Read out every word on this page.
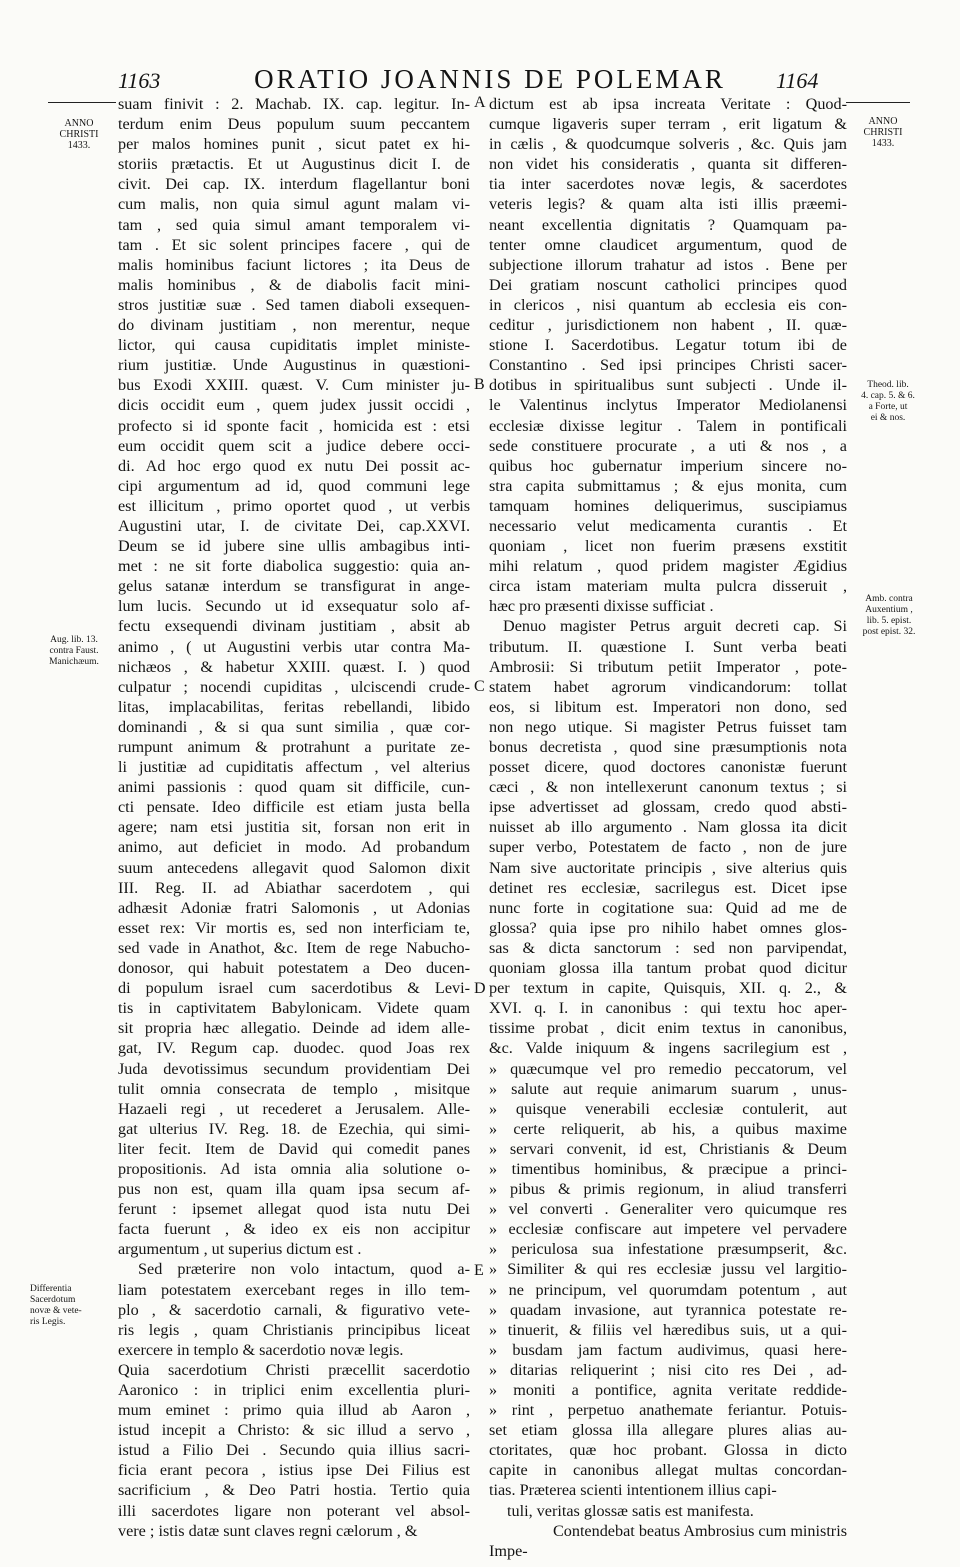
1163	ORATIO JOANNIS DE POLEMAR 1164
ANNO
CHRISTI
1433.
Aug. lib. 13.
contra Faust.
Manichæum.
Differentia
Sacerdotum
novæ & vete-
ris Legis.
ANNO
CHRISTI
1433.
Theod. lib.
4. cap. 5. & 6.
a Forte, ut
ei & nos.
Amb. contra
Auxentium ,
lib. 5. epist.
post epist. 32.
A
B
C
D
E
suam finivit : 2. Machab. IX. cap. legitur. In-
terdum enim Deus populum suum peccantem
per malos homines punit , sicut patet ex hi-
storiis prætactis. Et ut Augustinus dicit I. de
civit. Dei cap. IX. interdum flagellantur boni
cum malis, non quia simul agunt malam vi-
tam , sed quia simul amant temporalem vi-
tam . Et sic solent principes facere , qui de
malis hominibus faciunt lictores ; ita Deus de
malis hominibus , & de diabolis facit mini-
stros justitiæ suæ . Sed tamen diaboli exsequen-
do divinam justitiam , non merentur, neque
lictor, qui causa cupiditatis implet ministe-
rium justitiæ. Unde Augustinus in quæstioni-
bus Exodi XXIII. quæst. V. Cum minister ju-
dicis occidit eum , quem judex jussit occidi ,
profecto si id sponte facit , homicida est : etsi
eum occidit quem scit a judice debere occi-
di. Ad hoc ergo quod ex nutu Dei possit ac-
cipi argumentum ad id, quod communi lege
est illicitum , primo oportet quod , ut verbis
Augustini utar, I. de civitate Dei, cap.XXVI.
Deum se id jubere sine ullis ambagibus inti-
met : ne sit forte diabolica suggestio: quia an-
gelus satanæ interdum se transfigurat in ange-
lum lucis. Secundo ut id exsequatur solo af-
fectu exsequendi divinam justitiam , absit ab
animo , ( ut Augustini verbis utar contra Ma-
nichæos , & habetur XXIII. quæst. I. ) quod
culpatur ; nocendi cupiditas , ulciscendi crude-
litas, implacabilitas, feritas rebellandi, libido
dominandi , & si qua sunt similia , quæ cor-
rumpunt animum & protrahunt a puritate ze-
li justitiæ ad cupiditatis affectum , vel alterius
animi passionis : quod quam sit difficile, cun-
cti pensate. Ideo difficile est etiam justa bella
agere; nam etsi justitia sit, forsan non erit in
animo, aut deficiet in modo. Ad probandum
suum antecedens allegavit quod Salomon dixit
III. Reg. II. ad Abiathar sacerdotem , qui
adhæsit Adoniæ fratri Salomonis , ut Adonias
esset rex: Vir mortis es, sed non interficiam te,
sed vade in Anathot, &c. Item de rege Nabucho-
donosor, qui habuit potestatem a Deo ducen-
di populum israel cum sacerdotibus & Levi-
tis in captivitatem Babylonicam. Videte quam
sit propria hæc allegatio. Deinde ad idem alle-
gat, IV. Regum cap. duodec. quod Joas rex
Juda devotissimus secundum providentiam Dei
tulit omnia consecrata de templo , misitque
Hazaeli regi , ut recederet a Jerusalem. Alle-
gat ulterius IV. Reg. 18. de Ezechia, qui simi-
liter fecit. Item de David qui comedit panes
propositionis. Ad ista omnia alia solutione o-
pus non est, quam illa quam ipsa secum af-
ferunt : ipsemet allegat quod ista nutu Dei
facta fuerunt , & ideo ex eis non accipitur
argumentum , ut superius dictum est .
Sed præterire non volo intactum, quod a-
liam potestatem exercebant reges in illo tem-
plo , & sacerdotio carnali, & figurativo vete-
ris legis , quam Christianis principibus liceat
exercere in templo & sacerdotio novæ legis.
Quia sacerdotium Christi præcellit sacerdotio
Aaronico : in triplici enim excellentia pluri-
mum eminet : primo quia illud ab Aaron ,
istud incepit a Christo: & sic illud a servo ,
istud a Filio Dei . Secundo quia illius sacri-
ficia erant pecora , istius ipse Dei Filius est
sacrificium , & Deo Patri hostia. Tertio quia
illi sacerdotes ligare non poterant vel absol-
vere ; istis datæ sunt claves regni cælorum , &
dictum est ab ipsa increata Veritate : Quod-
cumque ligaveris super terram , erit ligatum &
in cælis , & quodcumque solveris , &c. Quis jam
non videt his consideratis , quanta sit differen-
tia inter sacerdotes novæ legis, & sacerdotes
veteris legis? & quam alta isti illis præemi-
neant excellentia dignitatis ? Quamquam pa-
tenter omne claudicet argumentum, quod de
subjectione illorum trahatur ad istos . Bene per
Dei gratiam noscunt catholici principes quod
in clericos , nisi quantum ab ecclesia eis con-
ceditur , jurisdictionem non habent , II. quæ-
stione I. Sacerdotibus. Legatur totum ibi de
Constantino . Sed ipsi principes Christi sacer-
dotibus in spiritualibus sunt subjecti . Unde il-
le Valentinus inclytus Imperator Mediolanensi
ecclesiæ dixisse legitur . Talem in pontificali
sede constituere procurate , a uti & nos , a
quibus hoc gubernatur imperium sincere no-
stra capita submittamus ; & ejus monita, cum
tamquam homines deliquerimus, suscipiamus
necessario velut medicamenta curantis . Et
quoniam , licet non fuerim præsens exstitit
mihi relatum , quod pridem magister Ægidius
circa istam materiam multa pulcra disseruit ,
hæc pro præsenti dixisse sufficiat .
Denuo magister Petrus arguit decreti cap. Si
tributum. II. quæstione I. Sunt verba beati
Ambrosii: Si tributum petiit Imperator , pote-
statem habet agrorum vindicandorum: tollat
eos, si libitum est. Imperatori non dono, sed
non nego utique. Si magister Petrus fuisset tam
bonus decretista , quod sine præsumptionis nota
posset dicere, quod doctores canonistæ fuerunt
cæci , & non intellexerunt canonum textus ; si
ipse advertisset ad glossam, credo quod absti-
nuisset ab illo argumento . Nam glossa ita dicit
super verbo, Potestatem de facto , non de jure
Nam sive auctoritate principis , sive alterius quis
detinet res ecclesiæ, sacrilegus est. Dicet ipse
nunc forte in cogitatione sua: Quid ad me de
glossa? quia ipse pro nihilo habet omnes glos-
sas & dicta sanctorum : sed non parvipendat,
quoniam glossa illa tantum probat quod dicitur
per textum in capite, Quisquis, XII. q. 2., &
XVI. q. I. in canonibus : qui textu hoc aper-
tissime probat , dicit enim textus in canonibus,
&c. Valde iniquum & ingens sacrilegium est ,
» quæcumque vel pro remedio peccatorum, vel
» salute aut requie animarum suarum , unus-
» quisque venerabili ecclesiæ contulerit, aut
» certe reliquerit, ab his, a quibus maxime
» servari convenit, id est, Christianis & Deum
» timentibus hominibus, & præcipue a princi-
» pibus & primis regionum, in aliud transferri
» vel converti . Generaliter vero quicumque res
» ecclesiæ confiscare aut impetere vel pervadere
» periculosa sua infestatione præsumpserit, &c.
» Similiter & qui res ecclesiæ jussu vel largitio-
» ne principum, vel quorumdam potentum , aut
» quadam invasione, aut tyrannica potestate re-
» tinuerit, & filiis vel hæredibus suis, ut a qui-
» busdam jam factum audivimus, quasi here-
» ditarias reliquerint ; nisi cito res Dei , ad-
» moniti a pontifice, agnita veritate reddide-
» rint , perpetuo anathemate feriantur. Potuis-
set etiam glossa illa allegare plures alias au-
ctoritates, quæ hoc probant. Glossa in dicto
capite in canonibus allegat multas concordan-
tias. Præterea scienti intentionem illius capi-
tuli, veritas glossæ satis est manifesta.
Contendebat beatus Ambrosius cum ministris
Impe-
